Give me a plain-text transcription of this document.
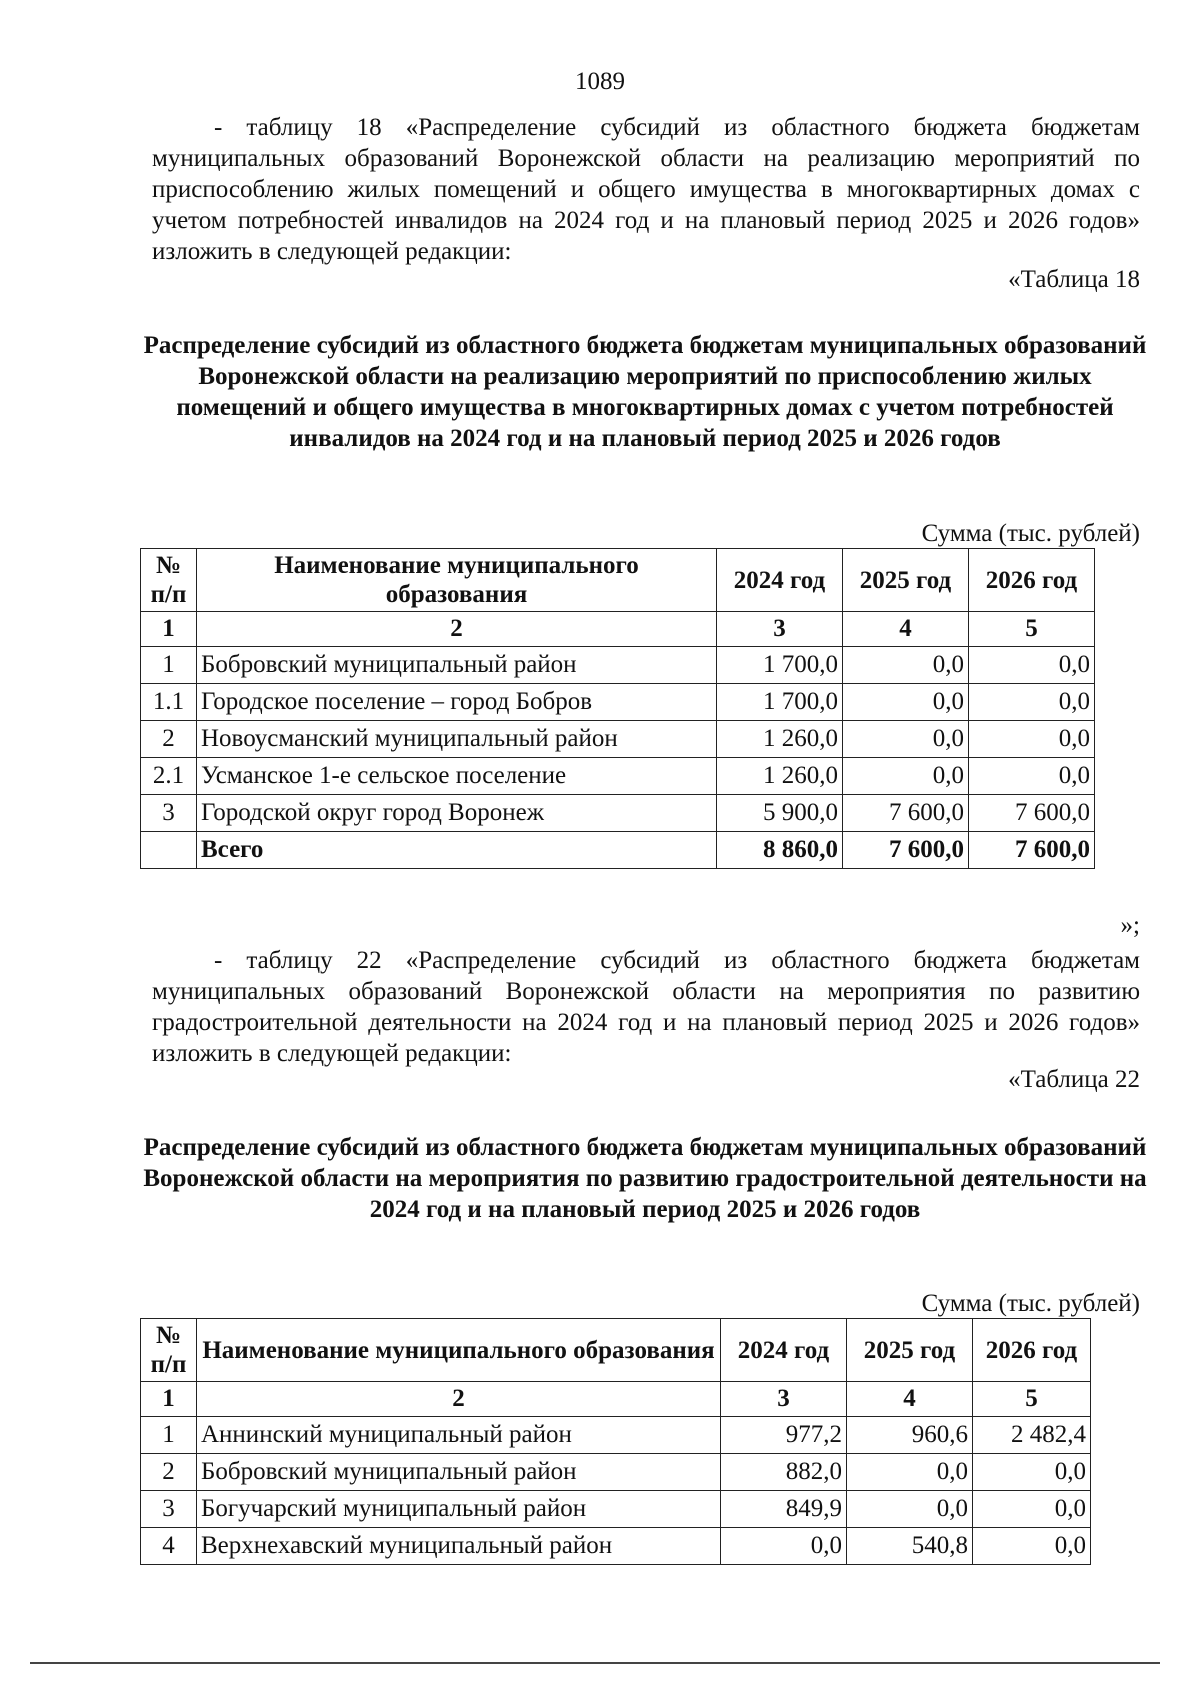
1089

- таблицу 18 «Распределение субсидий из областного бюджета бюджетам муниципальных образований Воронежской области на реализацию мероприятий по приспособлению жилых помещений и общего имущества в многоквартирных домах с учетом потребностей инвалидов на 2024 год и на плановый период 2025 и 2026 годов» изложить в следующей редакции:

«Таблица 18

Распределение субсидий из областного бюджета бюджетам муниципальных образований Воронежской области на реализацию мероприятий по приспособлению жилых помещений и общего имущества в многоквартирных домах с учетом потребностей инвалидов на 2024 год и на плановый период 2025 и 2026 годов

Сумма (тыс. рублей)
№ п/п	Наименование муниципального образования	2024 год	2025 год	2026 год
1	2	3	4	5
1	Бобровский муниципальный район	1 700,0	0,0	0,0
1.1	Городское поселение – город Бобров	1 700,0	0,0	0,0
2	Новоусманский муниципальный район	1 260,0	0,0	0,0
2.1	Усманское 1-е сельское поселение	1 260,0	0,0	0,0
3	Городской округ город Воронеж	5 900,0	7 600,0	7 600,0
	Всего	8 860,0	7 600,0	7 600,0
»;

- таблицу 22 «Распределение субсидий из областного бюджета бюджетам муниципальных образований Воронежской области на мероприятия по развитию градостроительной деятельности на 2024 год и на плановый период 2025 и 2026 годов» изложить в следующей редакции:

«Таблица 22

Распределение субсидий из областного бюджета бюджетам муниципальных образований Воронежской области на мероприятия по развитию градостроительной деятельности на 2024 год и на плановый период 2025 и 2026 годов

Сумма (тыс. рублей)
№ п/п	Наименование муниципального образования	2024 год	2025 год	2026 год
1	2	3	4	5
1	Аннинский муниципальный район	977,2	960,6	2 482,4
2	Бобровский муниципальный район	882,0	0,0	0,0
3	Богучарский муниципальный район	849,9	0,0	0,0
4	Верхнехавский муниципальный район	0,0	540,8	0,0
